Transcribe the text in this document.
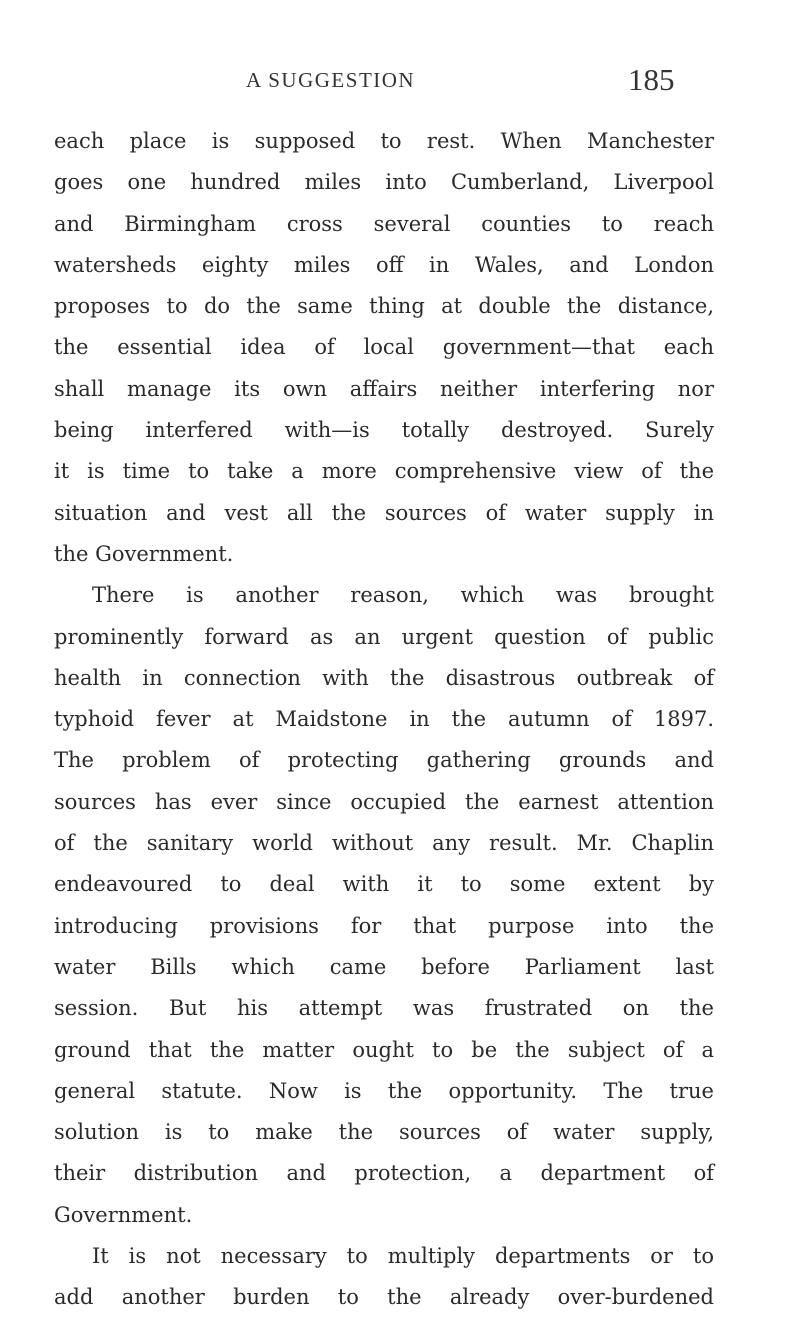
A SUGGESTION	185
each place is supposed to rest. When Manchester
goes one hundred miles into Cumberland, Liverpool
and Birmingham cross several counties to reach
watersheds eighty miles off in Wales, and London
proposes to do the same thing at double the distance,
the essential idea of local government—that each
shall manage its own affairs neither interfering nor
being interfered with—is totally destroyed. Surely
it is time to take a more comprehensive view of the
situation and vest all the sources of water supply in
the Government.
There is another reason, which was brought
prominently forward as an urgent question of public
health in connection with the disastrous outbreak of
typhoid fever at Maidstone in the autumn of 1897.
The problem of protecting gathering grounds and
sources has ever since occupied the earnest attention
of the sanitary world without any result. Mr. Chaplin
endeavoured to deal with it to some extent by
introducing provisions for that purpose into the
water Bills which came before Parliament last
session. But his attempt was frustrated on the
ground that the matter ought to be the subject of a
general statute. Now is the opportunity. The true
solution is to make the sources of water supply,
their distribution and protection, a department of
Government.
It is not necessary to multiply departments or to
add another burden to the already over-burdened
